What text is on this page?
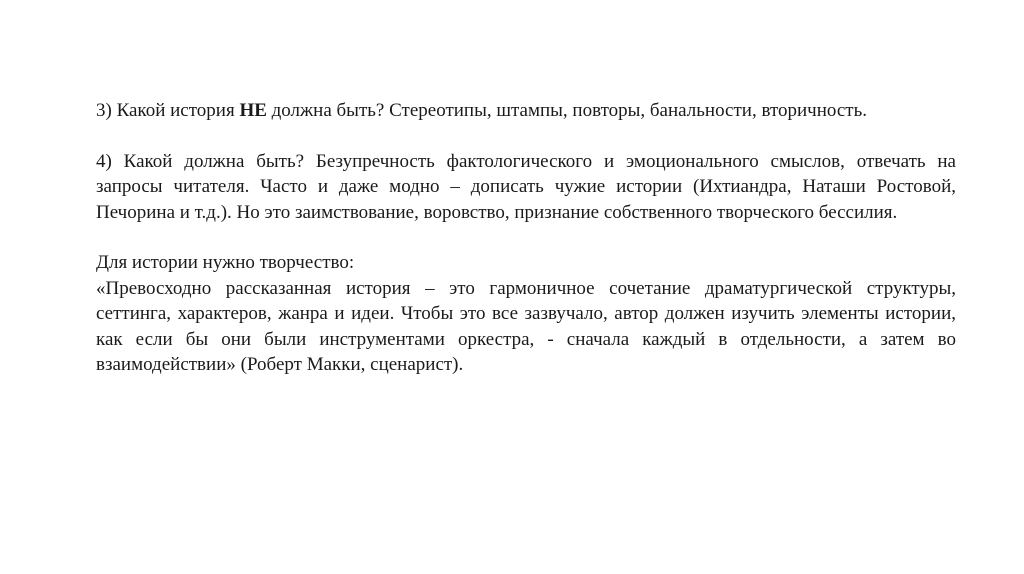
3) Какой история НЕ должна быть? Стереотипы, штампы, повторы, банальности, вторичность.

4) Какой должна быть? Безупречность фактологического и эмоционального смыслов, отвечать на запросы читателя. Часто и даже модно – дописать чужие истории (Ихтиандра, Наташи Ростовой, Печорина и т.д.). Но это заимствование, воровство, признание собственного творческого бессилия.

Для истории нужно творчество:

«Превосходно рассказанная история – это гармоничное сочетание драматургической структуры, сеттинга, характеров, жанра и идеи. Чтобы это все зазвучало, автор должен изучить элементы истории, как если бы они были инструментами оркестра, - сначала каждый в отдельности, а затем во взаимодействии» (Роберт Макки, сценарист).
